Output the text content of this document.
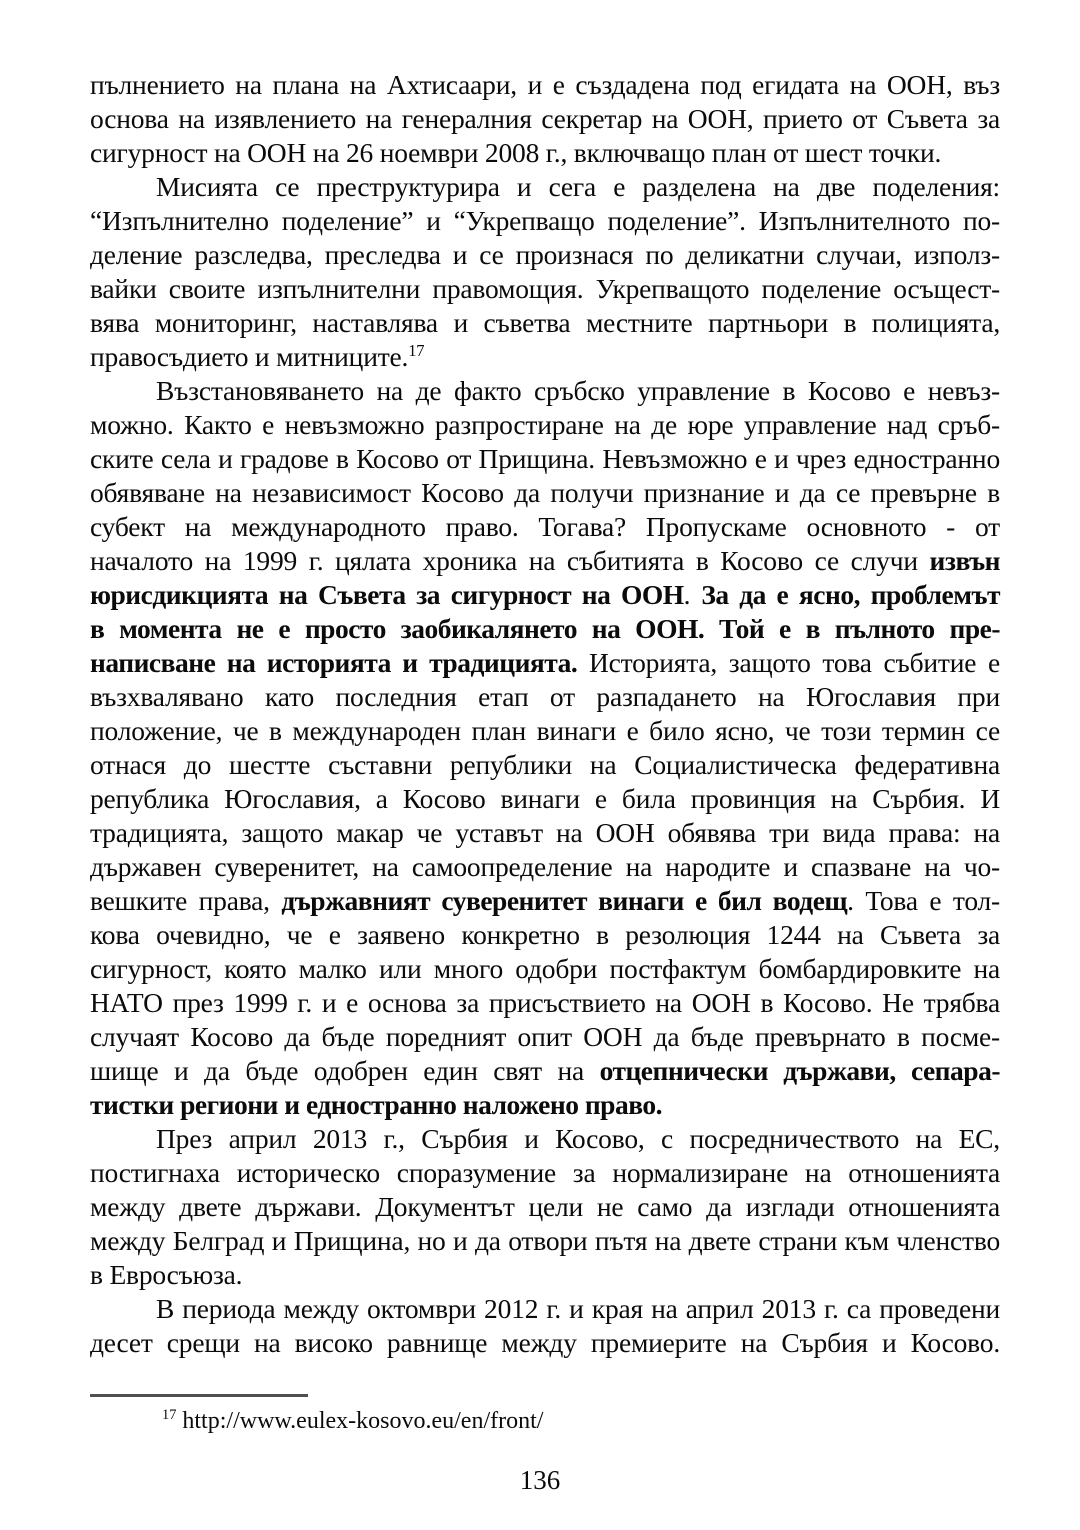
пълнението на плана на Ахтисаари, и е създадена под егидата на ООН, въз
основа на изявлението на генералния секретар на ООН, прието от Съвета за
сигурност на ООН на 26 ноември 2008 г., включващо план от шест точки.
Мисията се преструктурира и сега е разделена на две поделения:
“Изпълнително поделение” и “Укрепващо поделение”. Изпълнителното по-
деление разследва, преследва и се произнася по деликатни случаи, използ-
вайки своите изпълнителни правомощия. Укрепващото поделение осъщест-
вява мониторинг, наставлява и съветва местните партньори в полицията,
правосъдието и митниците.$^{17}$
Възстановяването на де факто сръбско управление в Косово е невъз-
можно. Както е невъзможно разпростиране на де юре управление над сръб-
ските села и градове в Косово от Прищина. Невъзможно е и чрез едностранно
обявяване на независимост Косово да получи признание и да се превърне в
субект на международното право. Тогава? Пропускаме основното - от
началото на 1999 г. цялата хроника на събитията в Косово се случи извън
юрисдикцията на Съвета за сигурност на ООН. За да е ясно, проблемът
в момента не е просто заобикалянето на ООН. Той е в пълното пре-
написване на историята и традицията. Историята, защото това събитие е
възхвалявано като последния етап от разпадането на Югославия при
положение, че в международен план винаги е било ясно, че този термин се
отнася до шестте съставни републики на Социалистическа федеративна
република Югославия, а Косово винаги е била провинция на Сърбия. И
традицията, защото макар че уставът на ООН обявява три вида права: на
държавен суверенитет, на самоопределение на народите и спазване на чо-
вешките права, държавният суверенитет винаги е бил водещ. Това е тол-
кова очевидно, че е заявено конкретно в резолюция 1244 на Съвета за
сигурност, която малко или много одобри постфактум бомбардировките на
НАТО през 1999 г. и е основа за присъствието на ООН в Косово. Не трябва
случаят Косово да бъде поредният опит ООН да бъде превърнато в посме-
шище и да бъде одобрен един свят на отцепнически държави, сепара-
тистки региони и едностранно наложено право.
През април 2013 г., Сърбия и Косово, с посредничеството на ЕС,
постигнаха историческо споразумение за нормализиране на отношенията
между двете държави. Документът цели не само да изглади отношенията
между Белград и Прищина, но и да отвори пътя на двете страни към членство
в Евросъюза.
В периода между октомври 2012 г. и края на април 2013 г. са проведени
десет срещи на високо равнище между премиерите на Сърбия и Косово.
$^{17}$ http://www.eulex-kosovo.eu/en/front/
136
